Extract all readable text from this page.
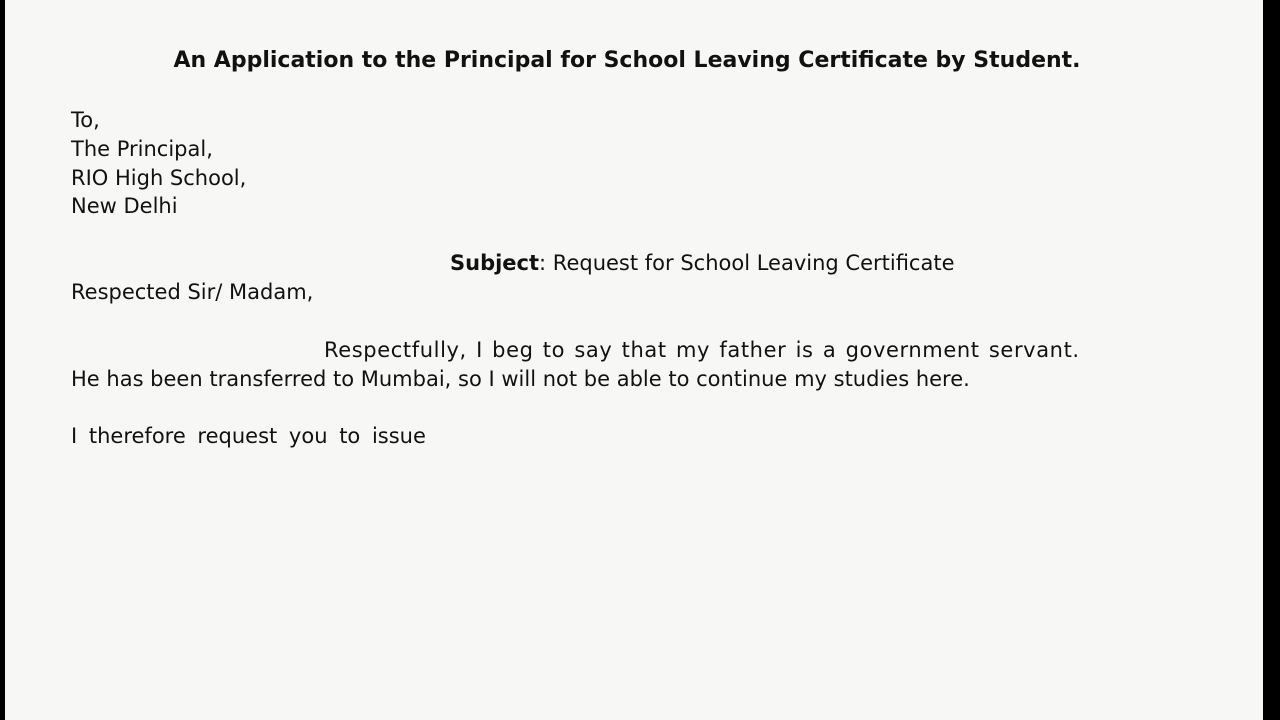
An Application to the Principal for School Leaving Certificate by Student.
To,
The Principal,
RIO High School,
New Delhi
Subject: Request for School Leaving Certificate
Respected Sir/ Madam,
Respectfully, I beg to say that my father is a government servant.
He has been transferred to Mumbai, so I will not be able to continue my studies here.
I therefore request you to issue
